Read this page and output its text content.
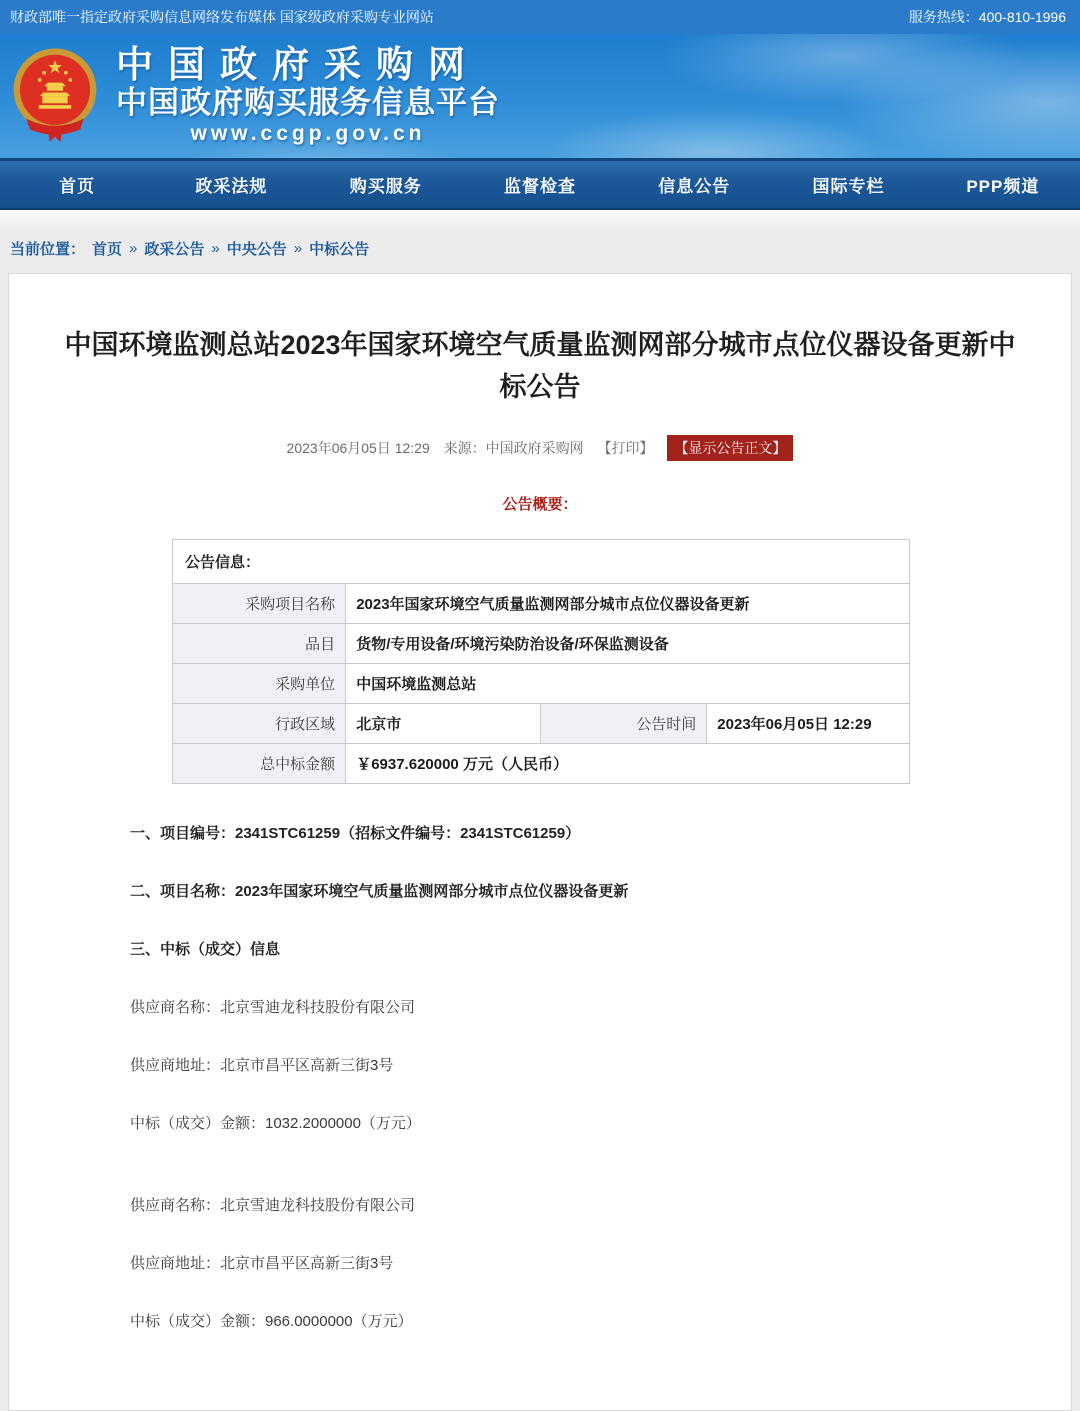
财政部唯一指定政府采购信息网络发布媒体 国家级政府采购专业网站	服务热线：400-810-1996
中国政府采购网
中国政府购买服务信息平台
www.ccgp.gov.cn
首页	政采法规	购买服务	监督检查	信息公告	国际专栏	PPP频道
当前位置： 首页 » 政采公告 » 中央公告 » 中标公告
中国环境监测总站2023年国家环境空气质量监测网部分城市点位仪器设备更新中标公告
2023年06月05日 12:29 来源：中国政府采购网 【打印】 【显示公告正文】
公告概要：
公告信息：			
采购项目名称	2023年国家环境空气质量监测网部分城市点位仪器设备更新		
品目	货物/专用设备/环境污染防治设备/环保监测设备		
采购单位	中国环境监测总站		
行政区域	北京市	公告时间	2023年06月05日 12:29
总中标金额	￥6937.620000 万元（人民币）		

一、项目编号：2341STC61259（招标文件编号：2341STC61259）

二、项目名称：2023年国家环境空气质量监测网部分城市点位仪器设备更新

三、中标（成交）信息

供应商名称：北京雪迪龙科技股份有限公司

供应商地址：北京市昌平区高新三街3号

中标（成交）金额：1032.2000000（万元）

供应商名称：北京雪迪龙科技股份有限公司

供应商地址：北京市昌平区高新三街3号

中标（成交）金额：966.0000000（万元）
